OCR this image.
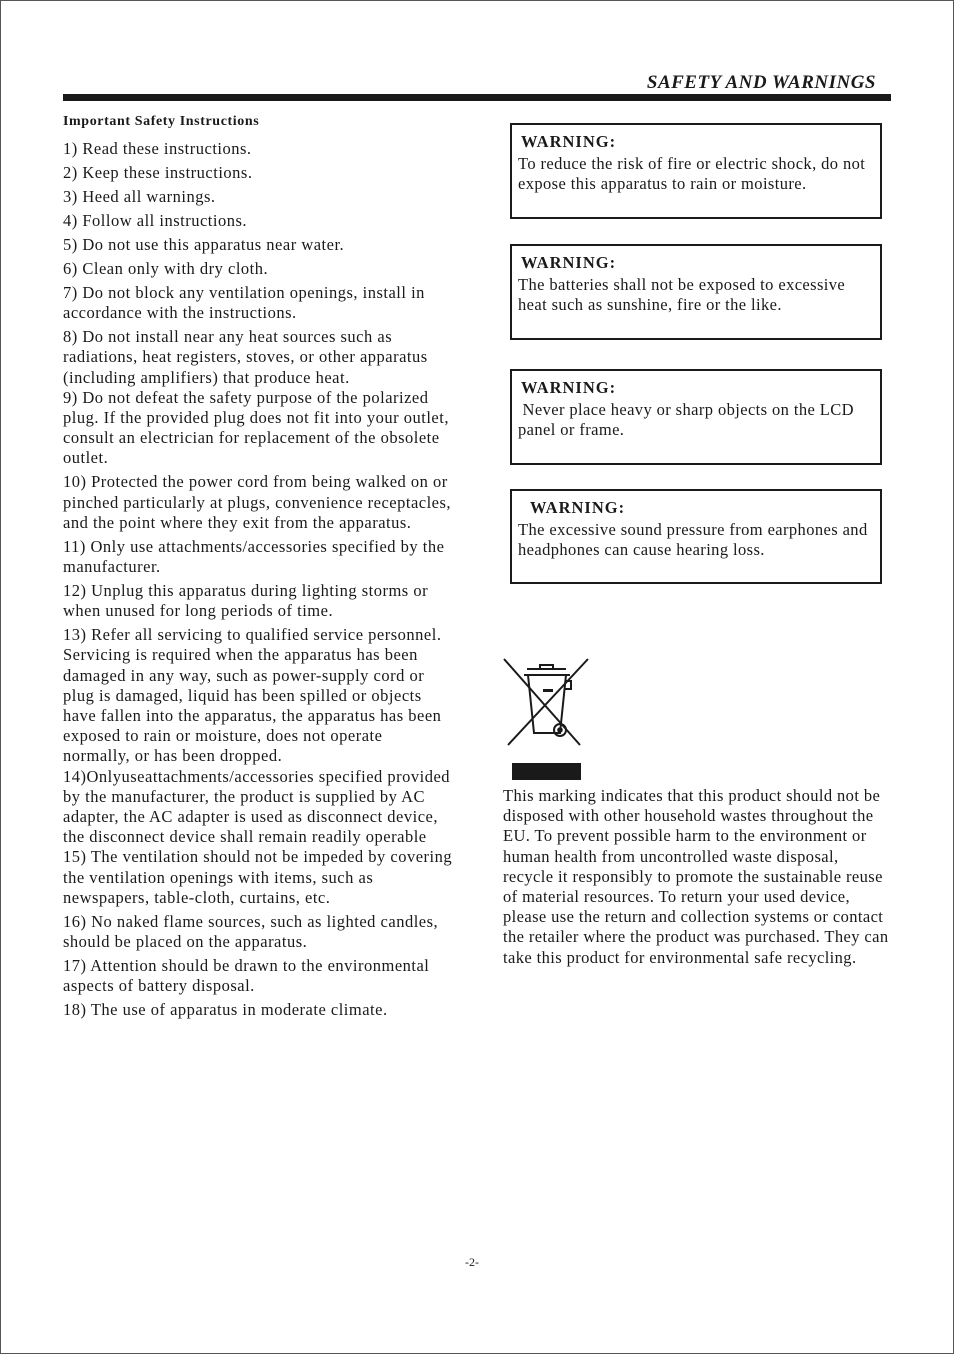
SAFETY AND WARNINGS
Important Safety Instructions
1) Read these instructions.
2) Keep these instructions.
3) Heed all warnings.
4) Follow all instructions.
5) Do not use this apparatus near water.
6) Clean only with dry cloth.
7) Do not block any ventilation openings, install in accordance with the instructions.
8) Do not install near any heat sources such as radiations, heat registers, stoves, or other apparatus (including amplifiers) that produce heat.
9) Do not defeat the safety purpose of the polarized plug. If the provided plug does not fit into your outlet, consult an electrician for replacement of the obsolete outlet.
10) Protected the power cord from being walked on or pinched particularly at plugs, convenience receptacles, and the point where they exit from the apparatus.
11) Only use attachments/accessories specified by the manufacturer.
12) Unplug this apparatus during lighting storms or when unused for long periods of time.
13) Refer all servicing to qualified service personnel. Servicing is required when the apparatus has been damaged in any way, such as power-supply cord or plug is damaged, liquid has been spilled or objects have fallen into the apparatus, the apparatus has been exposed to rain or moisture, does not operate normally, or has been dropped.
14)Onlyuseattachments/accessories specified provided by the manufacturer, the product is supplied by AC adapter, the AC adapter is used as disconnect device, the disconnect device shall remain readily operable
15) The ventilation should not be impeded by covering the ventilation openings with items, such as newspapers, table-cloth, curtains, etc.
16) No naked flame sources, such as lighted candles, should be placed on the apparatus.
17) Attention should be drawn to the environmental aspects of battery disposal.
18) The use of apparatus in moderate climate.
WARNING:
To reduce the risk of fire or electric shock, do not expose this apparatus to rain or moisture.
WARNING:
The batteries shall not be exposed to excessive heat such as sunshine, fire or the like.
WARNING:
Never place heavy or sharp objects on the LCD panel or frame.
WARNING:
The excessive sound pressure from earphones and headphones can cause hearing loss.
This marking indicates that this product should not be disposed with other household wastes throughout the EU. To prevent possible harm to the environment or human health from uncontrolled waste disposal, recycle it responsibly to promote the sustainable reuse of material resources. To return your used device, please use the return and collection systems or contact the retailer where the product was purchased. They can take this product for environmental safe recycling.
-2-
